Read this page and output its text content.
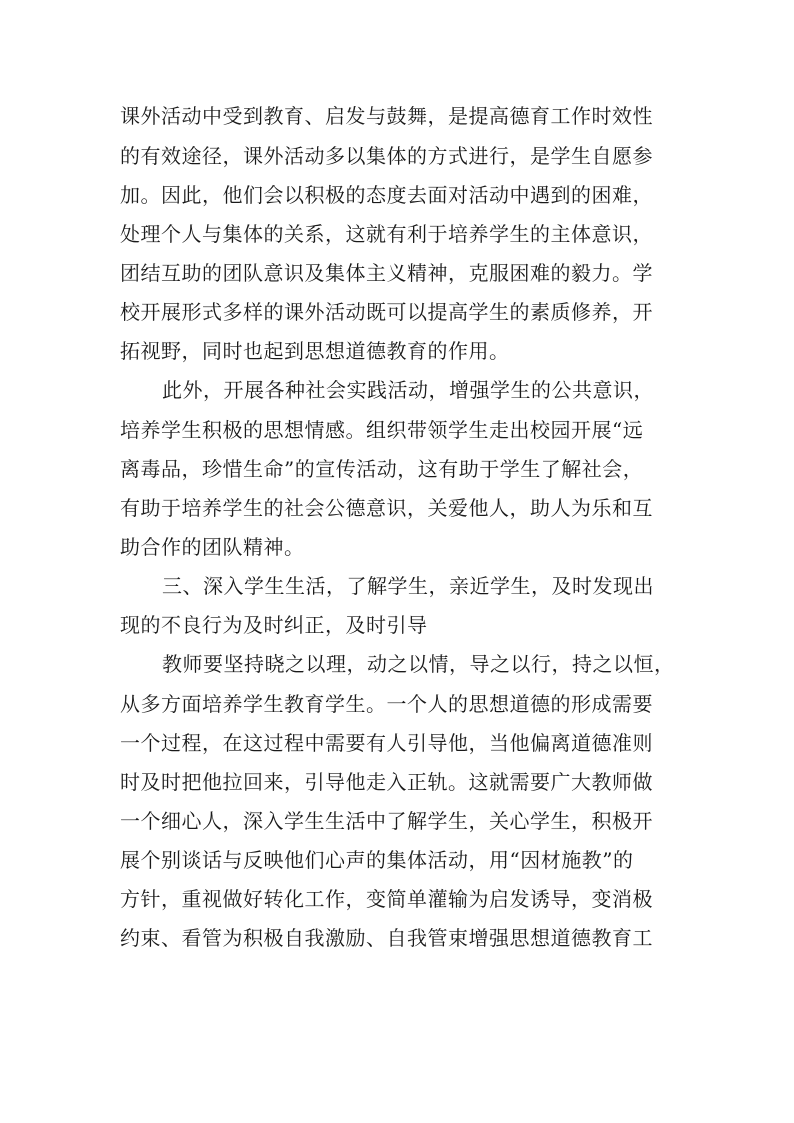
课外活动中受到教育、启发与鼓舞，是提高德育工作时效性
的有效途径，课外活动多以集体的方式进行，是学生自愿参
加。因此，他们会以积极的态度去面对活动中遇到的困难，
处理个人与集体的关系，这就有利于培养学生的主体意识，
团结互助的团队意识及集体主义精神，克服困难的毅力。学
校开展形式多样的课外活动既可以提高学生的素质修养，开
拓视野，同时也起到思想道德教育的作用。
此外，开展各种社会实践活动，增强学生的公共意识，
培养学生积极的思想情感。组织带领学生走出校园开展“远
离毒品，珍惜生命”的宣传活动，这有助于学生了解社会，
有助于培养学生的社会公德意识，关爱他人，助人为乐和互
助合作的团队精神。
三、深入学生生活，了解学生，亲近学生，及时发现出
现的不良行为及时纠正，及时引导
教师要坚持晓之以理，动之以情，导之以行，持之以恒，
从多方面培养学生教育学生。一个人的思想道德的形成需要
一个过程，在这过程中需要有人引导他，当他偏离道德准则
时及时把他拉回来，引导他走入正轨。这就需要广大教师做
一个细心人，深入学生生活中了解学生，关心学生，积极开
展个别谈话与反映他们心声的集体活动，用“因材施教”的
方针，重视做好转化工作，变简单灌输为启发诱导，变消极
约束、看管为积极自我激励、自我管束增强思想道德教育工
